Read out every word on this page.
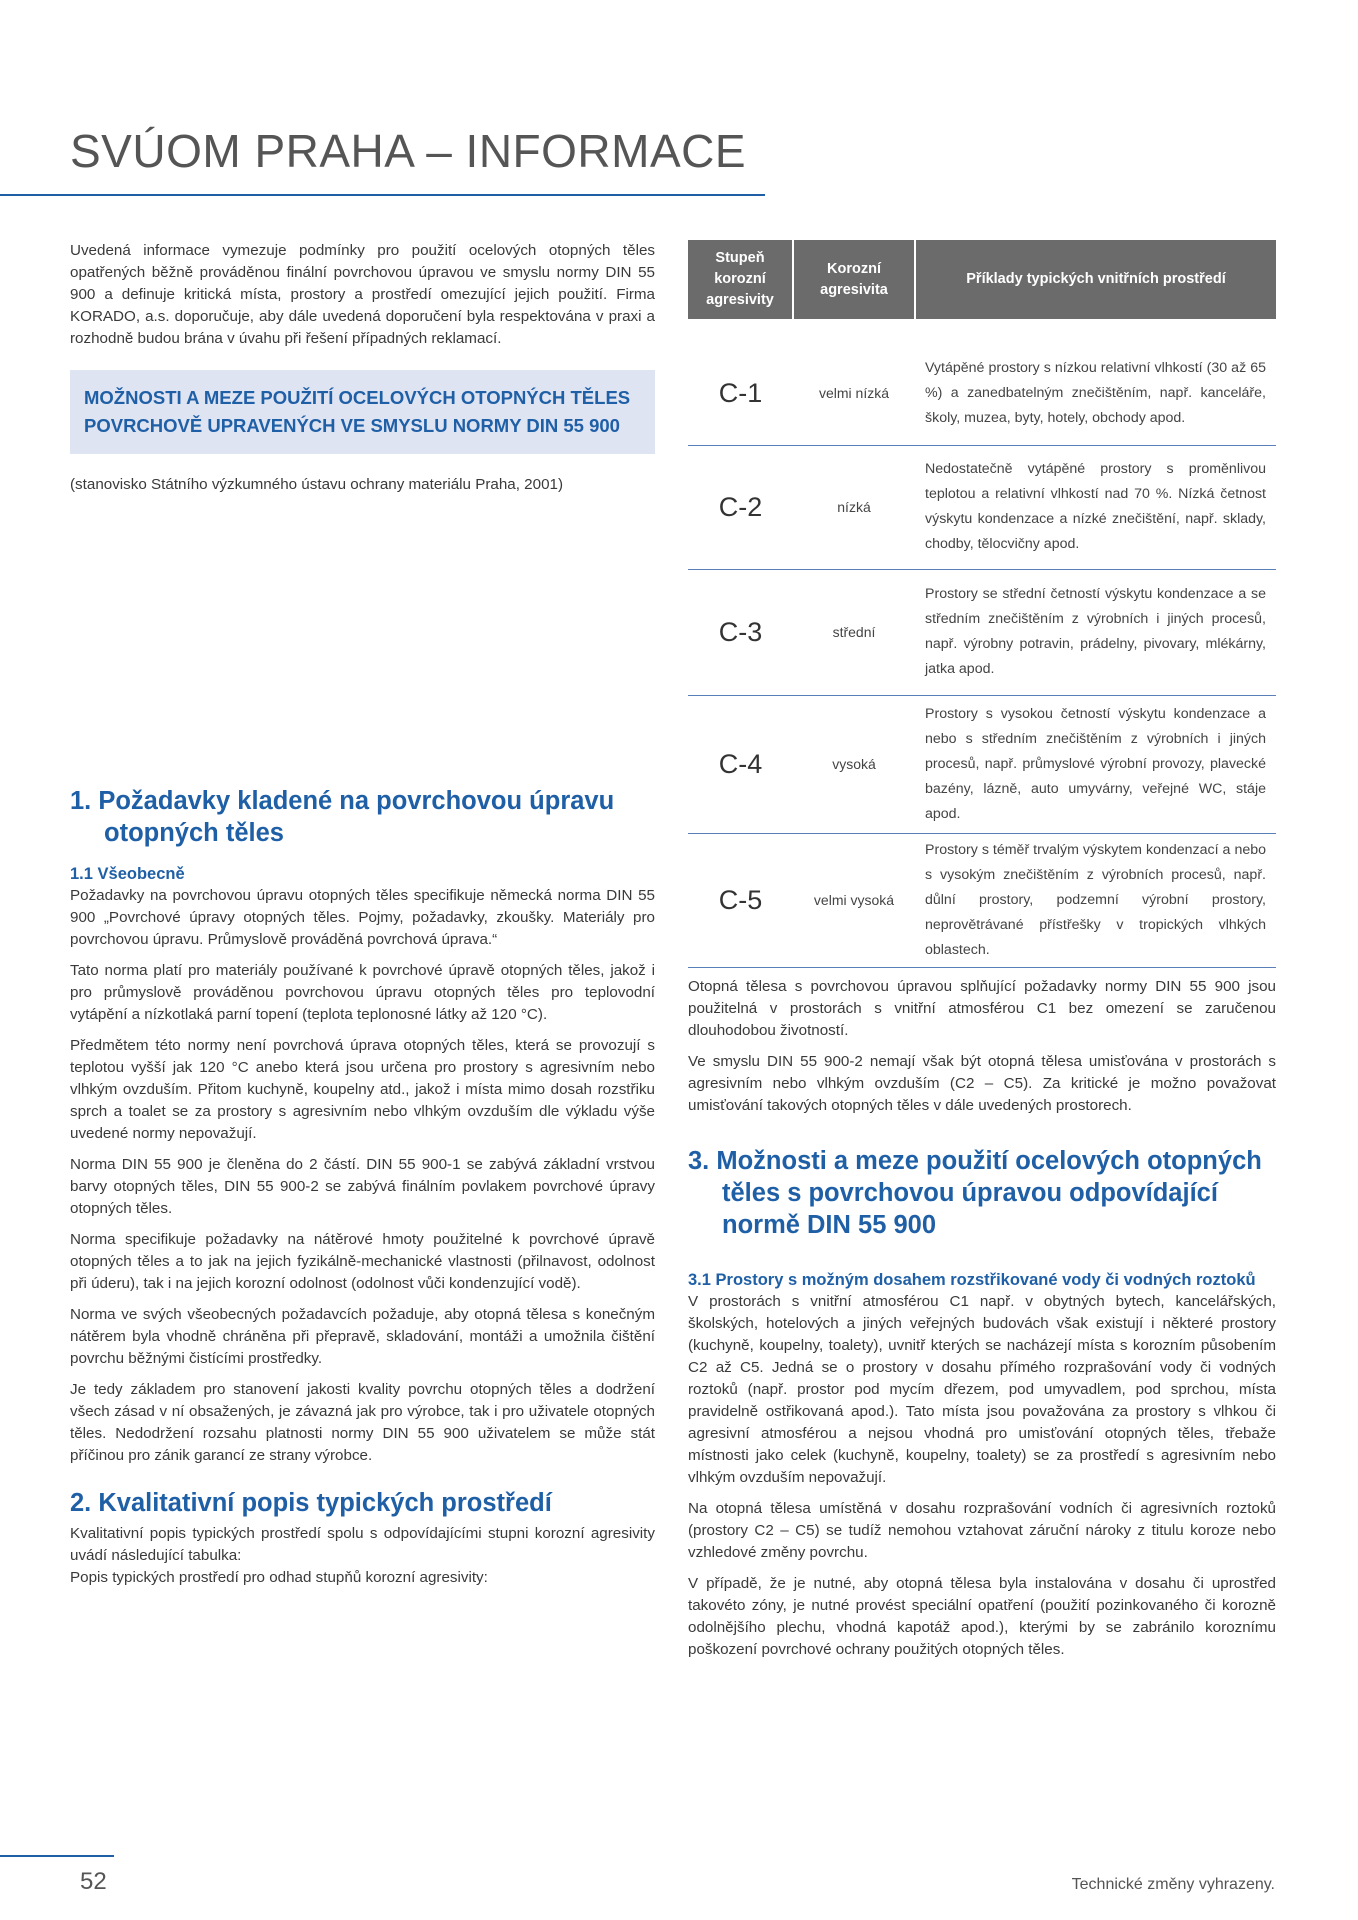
SVÚOM PRAHA – INFORMACE

Uvedená informace vymezuje podmínky pro použití ocelových otopných těles opatřených běžně prováděnou finální povrchovou úpravou ve smyslu normy DIN 55 900 a definuje kritická místa, prostory a prostředí omezující jejich použití. Firma KORADO, a.s. doporučuje, aby dále uvedená doporučení byla respektována v praxi a rozhodně budou brána v úvahu při řešení případných reklamací.

MOŽNOSTI A MEZE POUŽITÍ OCELOVÝCH OTOPNÝCH TĚLES POVRCHOVĚ UPRAVENÝCH VE SMYSLU NORMY DIN 55 900

(stanovisko Státního výzkumného ústavu ochrany materiálu Praha, 2001)

1. Požadavky kladené na povrchovou úpravu otopných těles
1.1 Všeobecně

Požadavky na povrchovou úpravu otopných těles specifikuje německá norma DIN 55 900 „Povrchové úpravy otopných těles. Pojmy, požadavky, zkoušky. Materiály pro povrchovou úpravu. Průmyslově prováděná povrchová úprava.“

Tato norma platí pro materiály používané k povrchové úpravě otopných těles, jakož i pro průmyslově prováděnou povrchovou úpravu otopných těles pro teplovodní vytápění a nízkotlaká parní topení (teplota teplonosné látky až 120 °C).

Předmětem této normy není povrchová úprava otopných těles, která se provozují s teplotou vyšší jak 120 °C anebo která jsou určena pro prostory s agresivním nebo vlhkým ovzduším. Přitom kuchyně, koupelny atd., jakož i místa mimo dosah rozstřiku sprch a toalet se za prostory s agresivním nebo vlhkým ovzduším dle výkladu výše uvedené normy nepovažují.

Norma DIN 55 900 je členěna do 2 částí. DIN 55 900-1 se zabývá základní vrstvou barvy otopných těles, DIN 55 900-2 se zabývá finálním povlakem povrchové úpravy otopných těles.

Norma specifikuje požadavky na nátěrové hmoty použitelné k povrchové úpravě otopných těles a to jak na jejich fyzikálně-mechanické vlastnosti (přilnavost, odolnost při úderu), tak i na jejich korozní odolnost (odolnost vůči kondenzující vodě).

Norma ve svých všeobecných požadavcích požaduje, aby otopná tělesa s konečným nátěrem byla vhodně chráněna při přepravě, skladování, montáži a umožnila čištění povrchu běžnými čistícími prostředky.

Je tedy základem pro stanovení jakosti kvality povrchu otopných těles a dodržení všech zásad v ní obsažených, je závazná jak pro výrobce, tak i pro uživatele otopných těles. Nedodržení rozsahu platnosti normy DIN 55 900 uživatelem se může stát příčinou pro zánik garancí ze strany výrobce.

2. Kvalitativní popis typických prostředí

Kvalitativní popis typických prostředí spolu s odpovídajícími stupni korozní agresivity uvádí následující tabulka:

Popis typických prostředí pro odhad stupňů korozní agresivity:

Stupeň korozní agresivity	Korozní agresivita	Příklady typických vnitřních prostředí

C-1	velmi nízká	Vytápěné prostory s nízkou relativní vlhkostí (30 až 65 %) a zanedbatelným znečištěním, např. kanceláře, školy, muzea, byty, hotely, obchody apod.
C-2	nízká	Nedostatečně vytápěné prostory s proměnlivou teplotou a relativní vlhkostí nad 70 %. Nízká četnost výskytu kondenzace a nízké znečištění, např. sklady, chodby, tělocvičny apod.
C-3	střední	Prostory se střední četností výskytu kondenzace a se středním znečištěním z výrobních i jiných procesů, např. výrobny potravin, prádelny, pivovary, mlékárny, jatka apod.
C-4	vysoká	Prostory s vysokou četností výskytu kondenzace a nebo s středním znečištěním z výrobních i jiných procesů, např. průmyslové výrobní provozy, plavecké bazény, lázně, auto umyvárny, veřejné WC, stáje apod.
C-5	velmi vysoká	Prostory s téměř trvalým výskytem kondenzací a nebo s vysokým znečištěním z výrobních procesů, např. důlní prostory, podzemní výrobní prostory, neprovětrávané přístřešky v tropických vlhkých oblastech.

Otopná tělesa s povrchovou úpravou splňující požadavky normy DIN 55 900 jsou použitelná v prostorách s vnitřní atmosférou C1 bez omezení se zaručenou dlouhodobou životností.

Ve smyslu DIN 55 900-2 nemají však být otopná tělesa umisťována v prostorách s agresivním nebo vlhkým ovzduším (C2 – C5). Za kritické je možno považovat umisťování takových otopných těles v dále uvedených prostorech.

3. Možnosti a meze použití ocelových otopných těles s povrchovou úpravou odpovídající normě DIN 55 900
3.1 Prostory s možným dosahem rozstřikované vody či vodných roztoků

V prostorách s vnitřní atmosférou C1 např. v obytných bytech, kancelářských, školských, hotelových a jiných veřejných budovách však existují i některé prostory (kuchyně, koupelny, toalety), uvnitř kterých se nacházejí místa s korozním působením C2 až C5. Jedná se o prostory v dosahu přímého rozprašování vody či vodných roztoků (např. prostor pod mycím dřezem, pod umyvadlem, pod sprchou, místa pravidelně ostřikovaná apod.). Tato místa jsou považována za prostory s vlhkou či agresivní atmosférou a nejsou vhodná pro umisťování otopných těles, třebaže místnosti jako celek (kuchyně, koupelny, toalety) se za prostředí s agresivním nebo vlhkým ovzduším nepovažují.

Na otopná tělesa umístěná v dosahu rozprašování vodních či agresivních roztoků (prostory C2 – C5) se tudíž nemohou vztahovat záruční nároky z titulu koroze nebo vzhledové změny povrchu.

V případě, že je nutné, aby otopná tělesa byla instalována v dosahu či uprostřed takovéto zóny, je nutné provést speciální opatření (použití pozinkovaného či korozně odolnějšího plechu, vhodná kapotáž apod.), kterými by se zabránilo koroznímu poškození povrchové ochrany použitých otopných těles.

52	Technické změny vyhrazeny.
